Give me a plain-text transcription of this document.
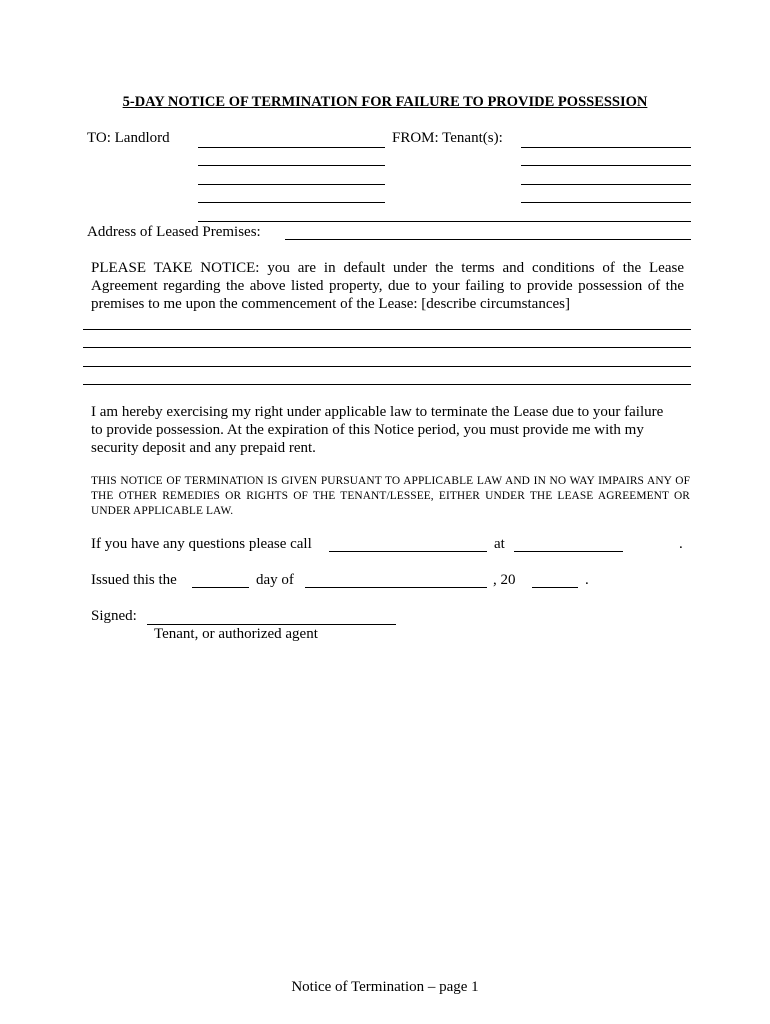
5-DAY NOTICE OF TERMINATION FOR FAILURE TO PROVIDE POSSESSION
TO: Landlord	FROM: Tenant(s):
Address of Leased Premises:
PLEASE TAKE NOTICE: you are in default under the terms and conditions of the Lease Agreement regarding the above listed property, due to your failing to provide possession of the premises to me upon the commencement of the Lease: [describe circumstances]
I am hereby exercising my right under applicable law to terminate the Lease due to your failure
to provide possession. At the expiration of this Notice period, you must provide me with my
security deposit and any prepaid rent.
THIS NOTICE OF TERMINATION IS GIVEN PURSUANT TO APPLICABLE LAW AND IN NO WAY IMPAIRS ANY OF THE OTHER REMEDIES OR RIGHTS OF THE TENANT/LESSEE, EITHER UNDER THE LEASE AGREEMENT OR UNDER APPLICABLE LAW.
If you have any questions please call	at	.
Issued this the	day of	, 20	.
Signed:
Tenant, or authorized agent
Notice of Termination – page 1
